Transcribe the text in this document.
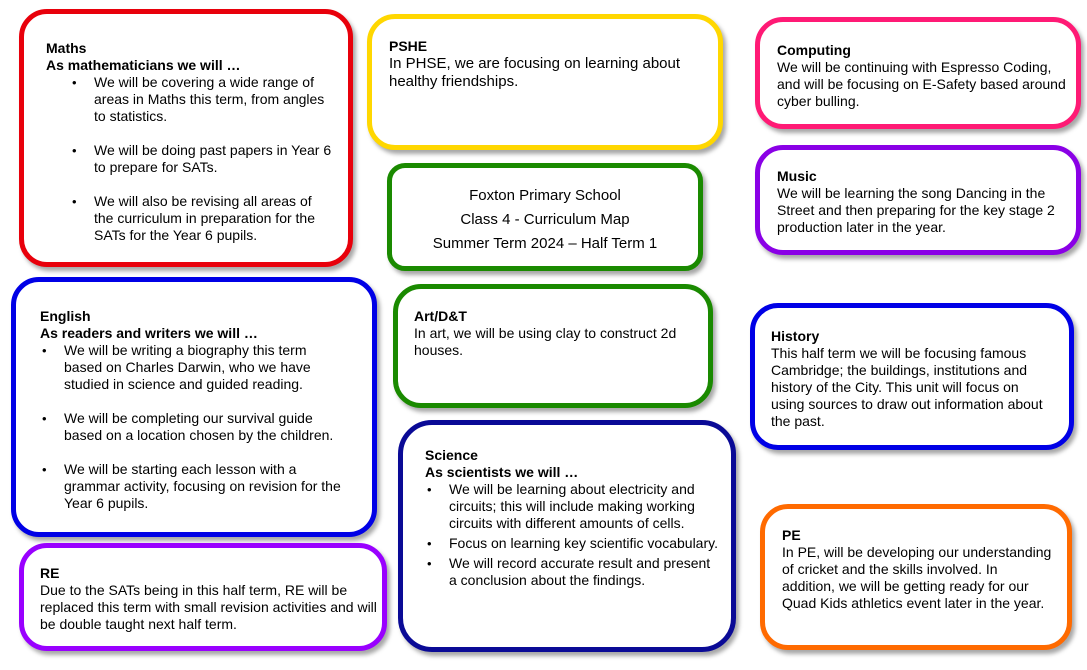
Maths
As mathematicians we will …
• We will be covering a wide range of areas in Maths this term, from angles to statistics.
• We will be doing past papers in Year 6 to prepare for SATs.
• We will also be revising all areas of the curriculum in preparation for the SATs for the Year 6 pupils.
PSHE
In PHSE, we are focusing on learning about healthy friendships.
Computing
We will be continuing with Espresso Coding, and will be focusing on E-Safety based around cyber bulling.
Music
We will be learning the song Dancing in the Street and then preparing for the key stage 2 production later in the year.
Foxton Primary School
Class 4 - Curriculum Map
Summer Term 2024 – Half Term 1
English
As readers and writers we will …
• We will be writing a biography this term based on Charles Darwin, who we have studied in science and guided reading.
• We will be completing our survival guide based on a location chosen by the children.
• We will be starting each lesson with a grammar activity, focusing on revision for the Year 6 pupils.
Art/D&T
In art, we will be using clay to construct 2d houses.
History
This half term we will be focusing famous Cambridge; the buildings, institutions and history of the City. This unit will focus on using sources to draw out information about the past.
RE
Due to the SATs being in this half term, RE will be replaced this term with small revision activities and will be double taught next half term.
Science
As scientists we will …
• We will be learning about electricity and circuits; this will include making working circuits with different amounts of cells.
• Focus on learning key scientific vocabulary.
• We will record accurate result and present a conclusion about the findings.
PE
In PE, will be developing our understanding of cricket and the skills involved. In addition, we will be getting ready for our Quad Kids athletics event later in the year.
